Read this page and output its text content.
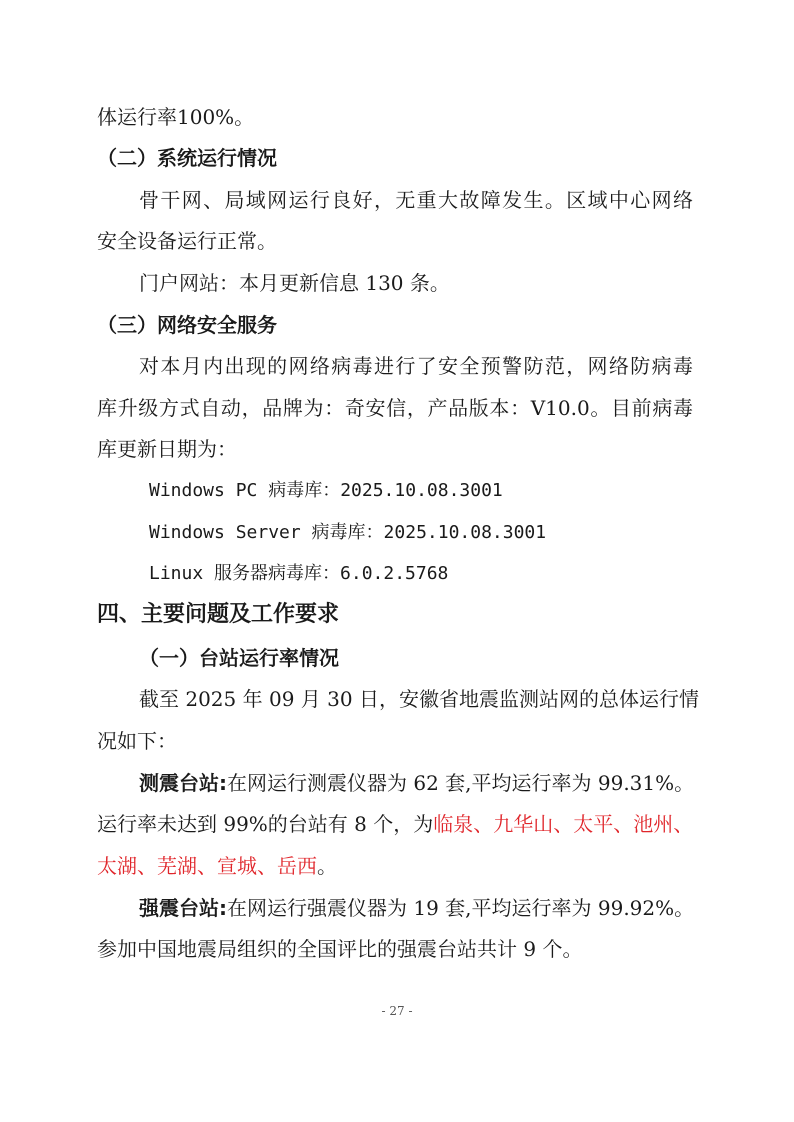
体运行率100%。
（二）系统运行情况
骨干网、局域网运行良好，无重大故障发生。区域中心网络
安全设备运行正常。
门户网站：本月更新信息 130 条。
（三）网络安全服务
对本月内出现的网络病毒进行了安全预警防范，网络防病毒
库升级方式自动，品牌为：奇安信，产品版本：V10.0。目前病毒
库更新日期为：
Windows PC 病毒库：2025.10.08.3001
Windows Server 病毒库：2025.10.08.3001
Linux 服务器病毒库：6.0.2.5768
四、主要问题及工作要求
（一）台站运行率情况
截至 2025 年 09 月 30 日，安徽省地震监测站网的总体运行情
况如下：
测震台站:在网运行测震仪器为 62 套,平均运行率为 99.31%。
运行率未达到 99%的台站有 8 个，为临泉、九华山、太平、池州、
太湖、芜湖、宣城、岳西。
强震台站:在网运行强震仪器为 19 套,平均运行率为 99.92%。
参加中国地震局组织的全国评比的强震台站共计 9 个。
- 27 -
